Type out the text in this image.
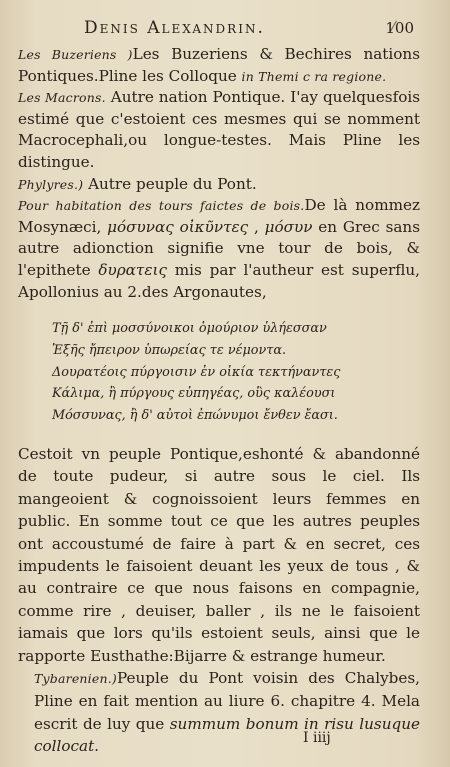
Denis Alexandrin.	100

Les Buzeriens )Les Buzeriens & Bechires nations Pontiques.Pline les Colloque in Themi c ra regione.

Les Macrons. Autre nation Pontique. I'ay quelquesfois estimé que c'estoient ces mesmes qui se nomment Macrocephali,ou longue-testes. Mais Pline les distingue.

Phylyres.) Autre peuple du Pont.

Pour habitation des tours faictes de bois.De là nommez Mosynæci, μόσυνας οἰκῦντες , μόσυν en Grec sans autre adionction signifie vne tour de bois, & l'epithete δυρατεις mis par l'autheur est superflu, Apollonius au 2.des Argonautes,

Τῇ δ' ἐπὶ μοσσύνοικοι ὁμούριον ὑλήεσσαν
Ἐξῆς ἤπειρον ὑπωρείας τε νέμοντα.
Δουρατέοις πύργοισιν ἐν οἰκία τεκτήναντες
Κάλιμα, ἢ πύργους εὐπηγέας, οὓς καλέουσι
Μόσσυνας, ἢ δ' αὐτοὶ ἐπώνυμοι ἔνθεν ἔασι.

Cestoit vn peuple Pontique,eshonté & abandonné de toute pudeur, si autre sous le ciel. Ils mangeoient & cognoissoient leurs femmes en public. En somme tout ce que les autres peuples ont accoustumé de faire à part & en secret, ces impudents le faisoient deuant les yeux de tous , & au contraire ce que nous faisons en compagnie, comme rire , deuiser, baller , ils ne le faisoient iamais que lors qu'ils estoient seuls, ainsi que le rapporte Eusthathe:Bijarre & estrange humeur.

Tybarenien.)Peuple du Pont voisin des Chalybes, Pline en fait mention au liure 6. chapitre 4. Mela escrit de luy que summum bonum in risu lusuque collocat.	I iiij
